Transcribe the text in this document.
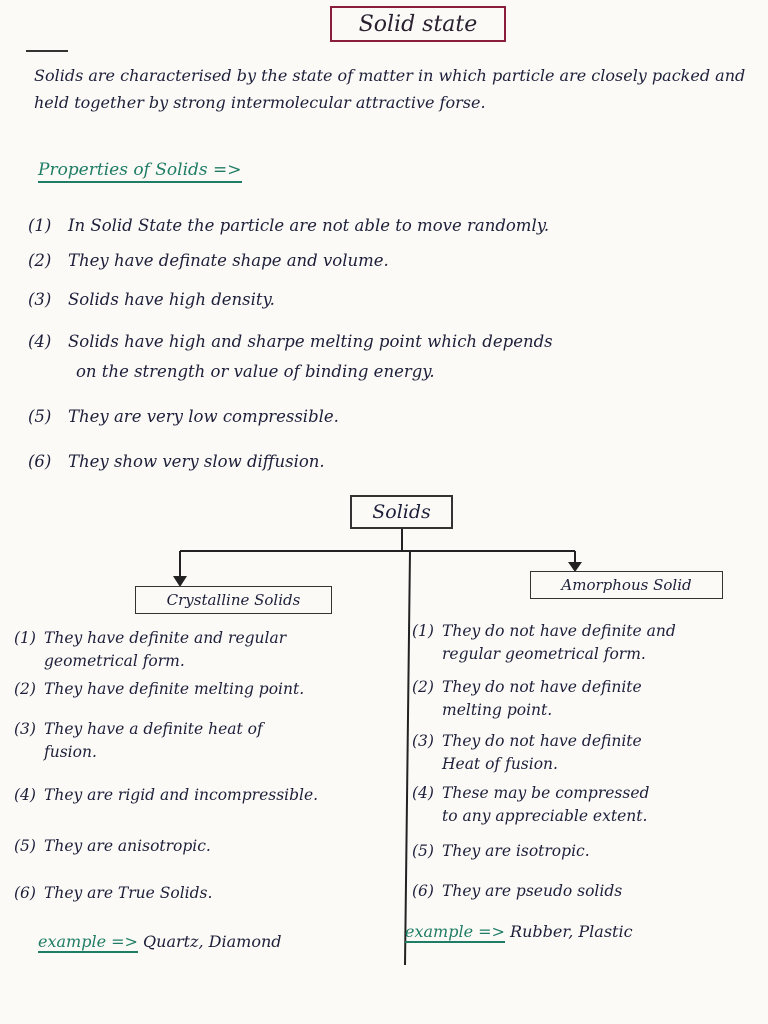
Solid state
Solids are characterised by the state of matter in which particle are closely packed and held together by strong intermolecular attractive forse.
Properties of Solids =>
(1) In Solid State the particle are not able to move randomly.
(2) They have definate shape and volume.
(3) Solids have high density.
(4) Solids have high and sharpe melting point which depends
on the strength or value of binding energy.
(5) They are very low compressible.
(6) They show very slow diffusion.
Solids
Crystalline Solids
Amorphous Solid
(1) They have definite and regular
geometrical form.
(2) They have definite melting point.
(3) They have a definite heat of
fusion.
(4) They are rigid and incompressible.
(5) They are anisotropic.
(6) They are True Solids.
example => Quartz, Diamond
(1) They do not have definite and
regular geometrical form.
(2) They do not have definite
melting point.
(3) They do not have definite
Heat of fusion.
(4) These may be compressed
to any appreciable extent.
(5) They are isotropic.
(6) They are pseudo solids
example => Rubber, Plastic
